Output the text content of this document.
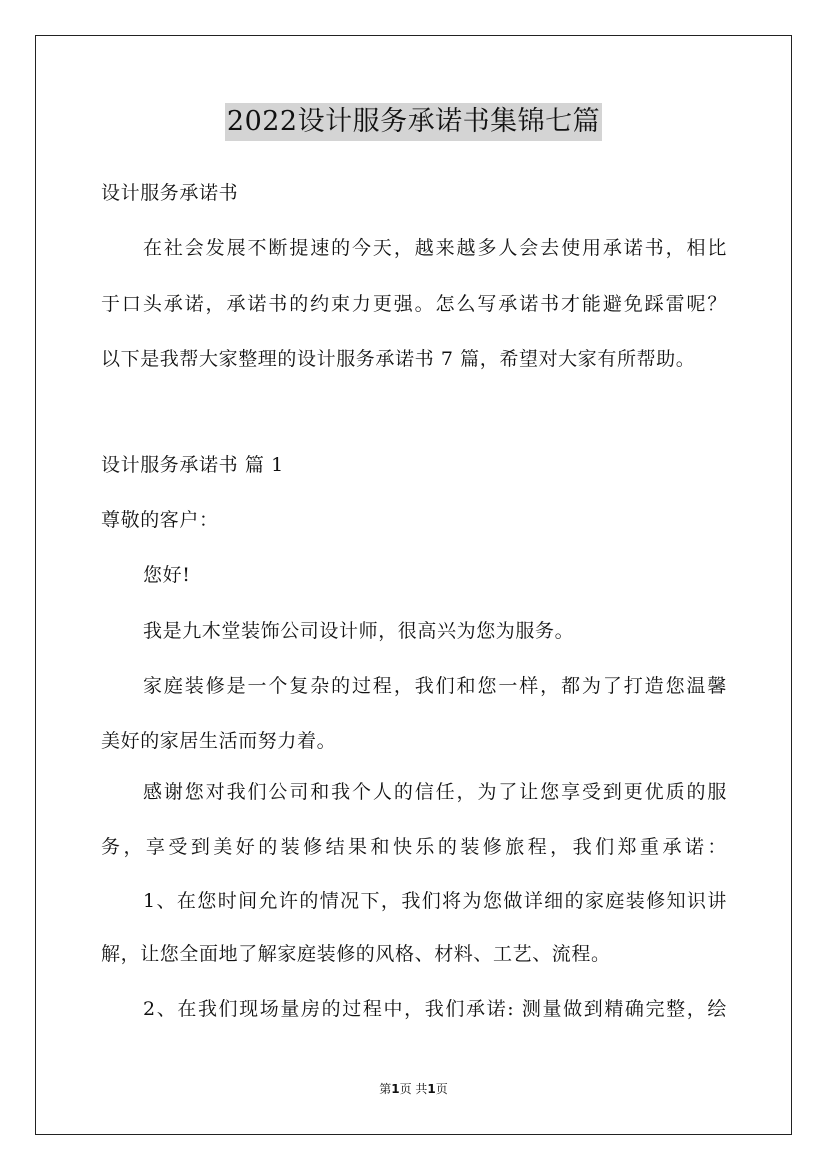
2022设计服务承诺书集锦七篇
设计服务承诺书
在社会发展不断提速的今天，越来越多人会去使用承诺书，相比
于口头承诺，承诺书的约束力更强。怎么写承诺书才能避免踩雷呢？
以下是我帮大家整理的设计服务承诺书 7 篇，希望对大家有所帮助。
设计服务承诺书 篇 1
尊敬的客户：
您好!
我是九木堂装饰公司设计师，很高兴为您为服务。
家庭装修是一个复杂的过程，我们和您一样，都为了打造您温馨
美好的家居生活而努力着。
感谢您对我们公司和我个人的信任，为了让您享受到更优质的服
务，享受到美好的装修结果和快乐的装修旅程，我们郑重承诺：
1、在您时间允许的情况下，我们将为您做详细的家庭装修知识讲
解，让您全面地了解家庭装修的风格、材料、工艺、流程。
2、在我们现场量房的过程中，我们承诺: 测量做到精确完整，绘
第1页 共1页
